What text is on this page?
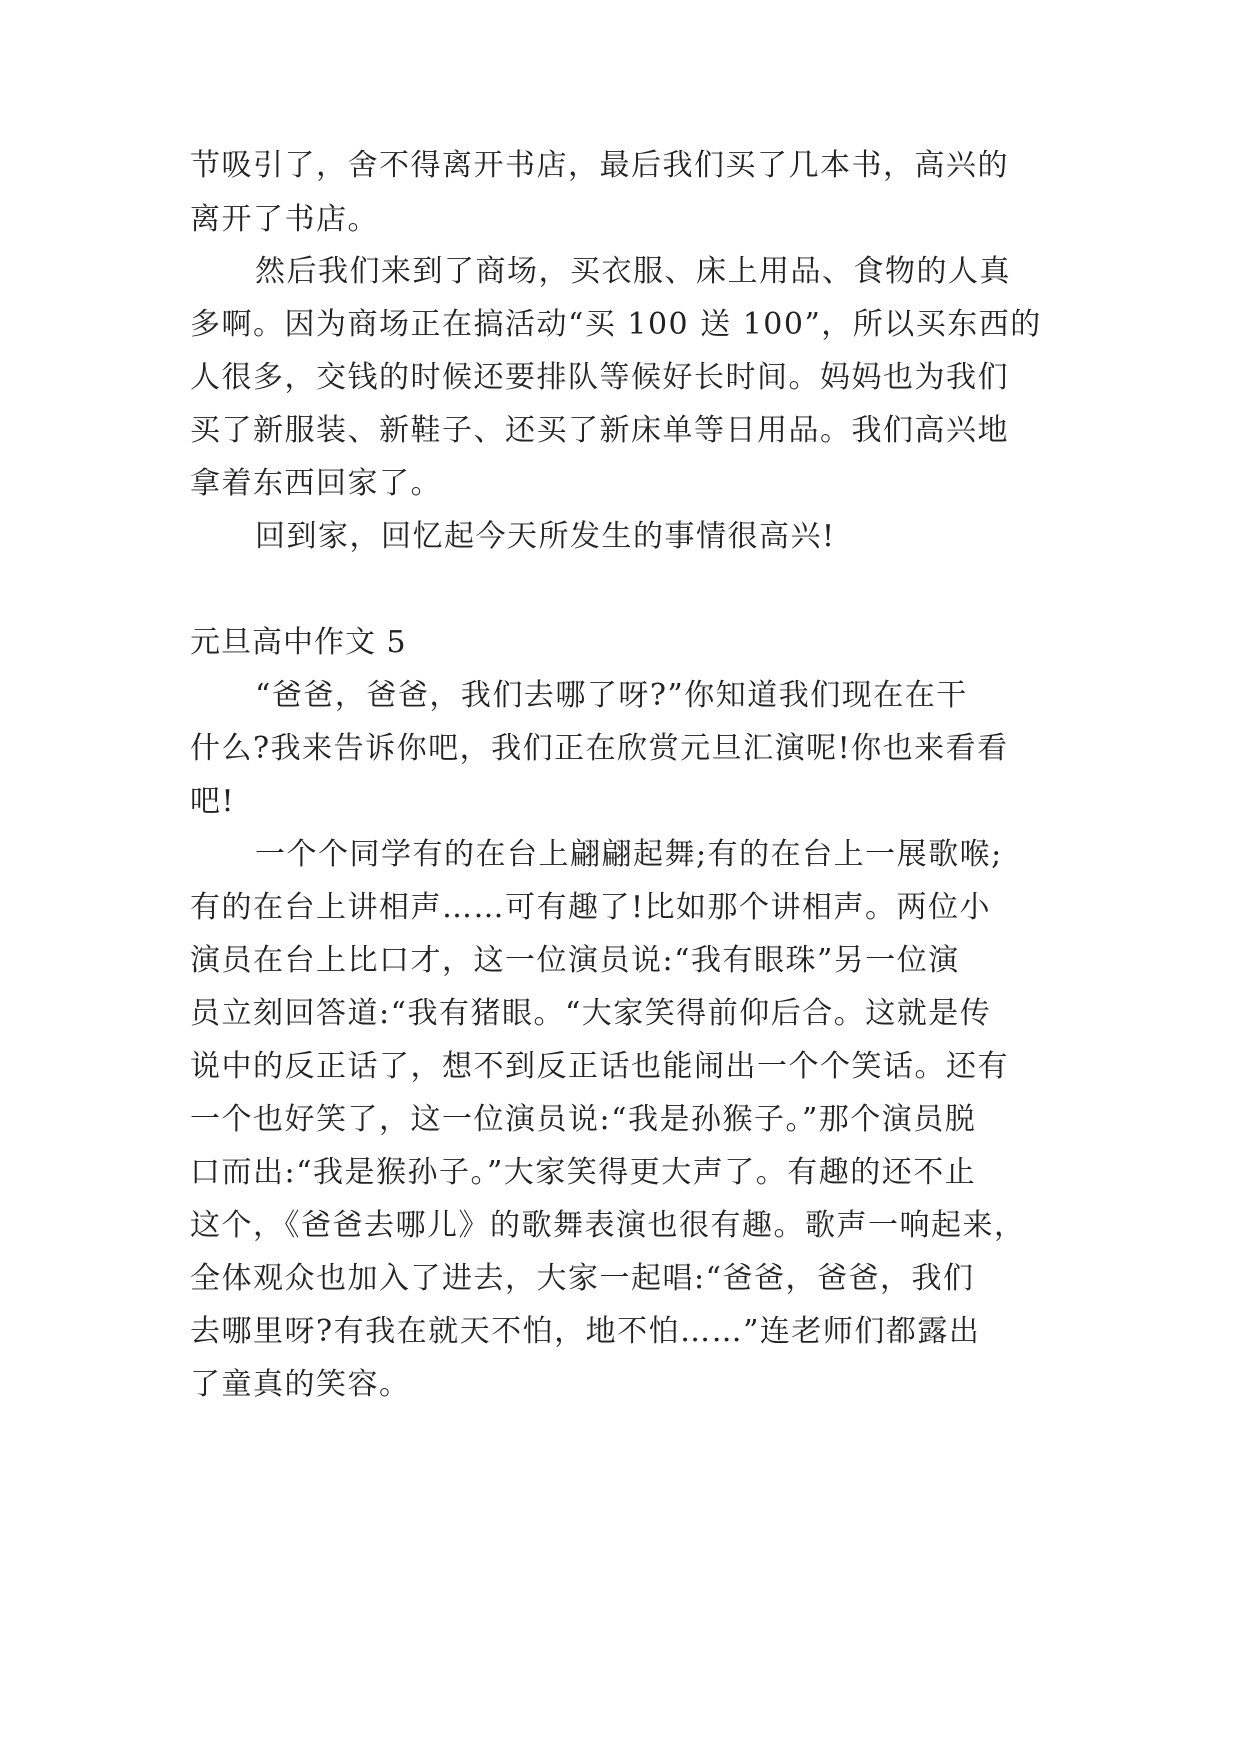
节吸引了，舍不得离开书店，最后我们买了几本书，高兴的

离开了书店。

然后我们来到了商场，买衣服、床上用品、食物的人真

多啊。因为商场正在搞活动“买 100 送 100”，所以买东西的

人很多，交钱的时候还要排队等候好长时间。妈妈也为我们

买了新服装、新鞋子、还买了新床单等日用品。我们高兴地

拿着东西回家了。

回到家，回忆起今天所发生的事情很高兴!

元旦高中作文 5

“爸爸，爸爸，我们去哪了呀?”你知道我们现在在干

什么?我来告诉你吧，我们正在欣赏元旦汇演呢!你也来看看

吧!

一个个同学有的在台上翩翩起舞;有的在台上一展歌喉;

有的在台上讲相声……可有趣了!比如那个讲相声。两位小

演员在台上比口才，这一位演员说:“我有眼珠”另一位演

员立刻回答道:“我有猪眼。“大家笑得前仰后合。这就是传

说中的反正话了，想不到反正话也能闹出一个个笑话。还有

一个也好笑了，这一位演员说:“我是孙猴子。”那个演员脱

口而出:“我是猴孙子。”大家笑得更大声了。有趣的还不止

这个，《爸爸去哪儿》的歌舞表演也很有趣。歌声一响起来，

全体观众也加入了进去，大家一起唱:“爸爸，爸爸，我们

去哪里呀?有我在就天不怕，地不怕……”连老师们都露出

了童真的笑容。
